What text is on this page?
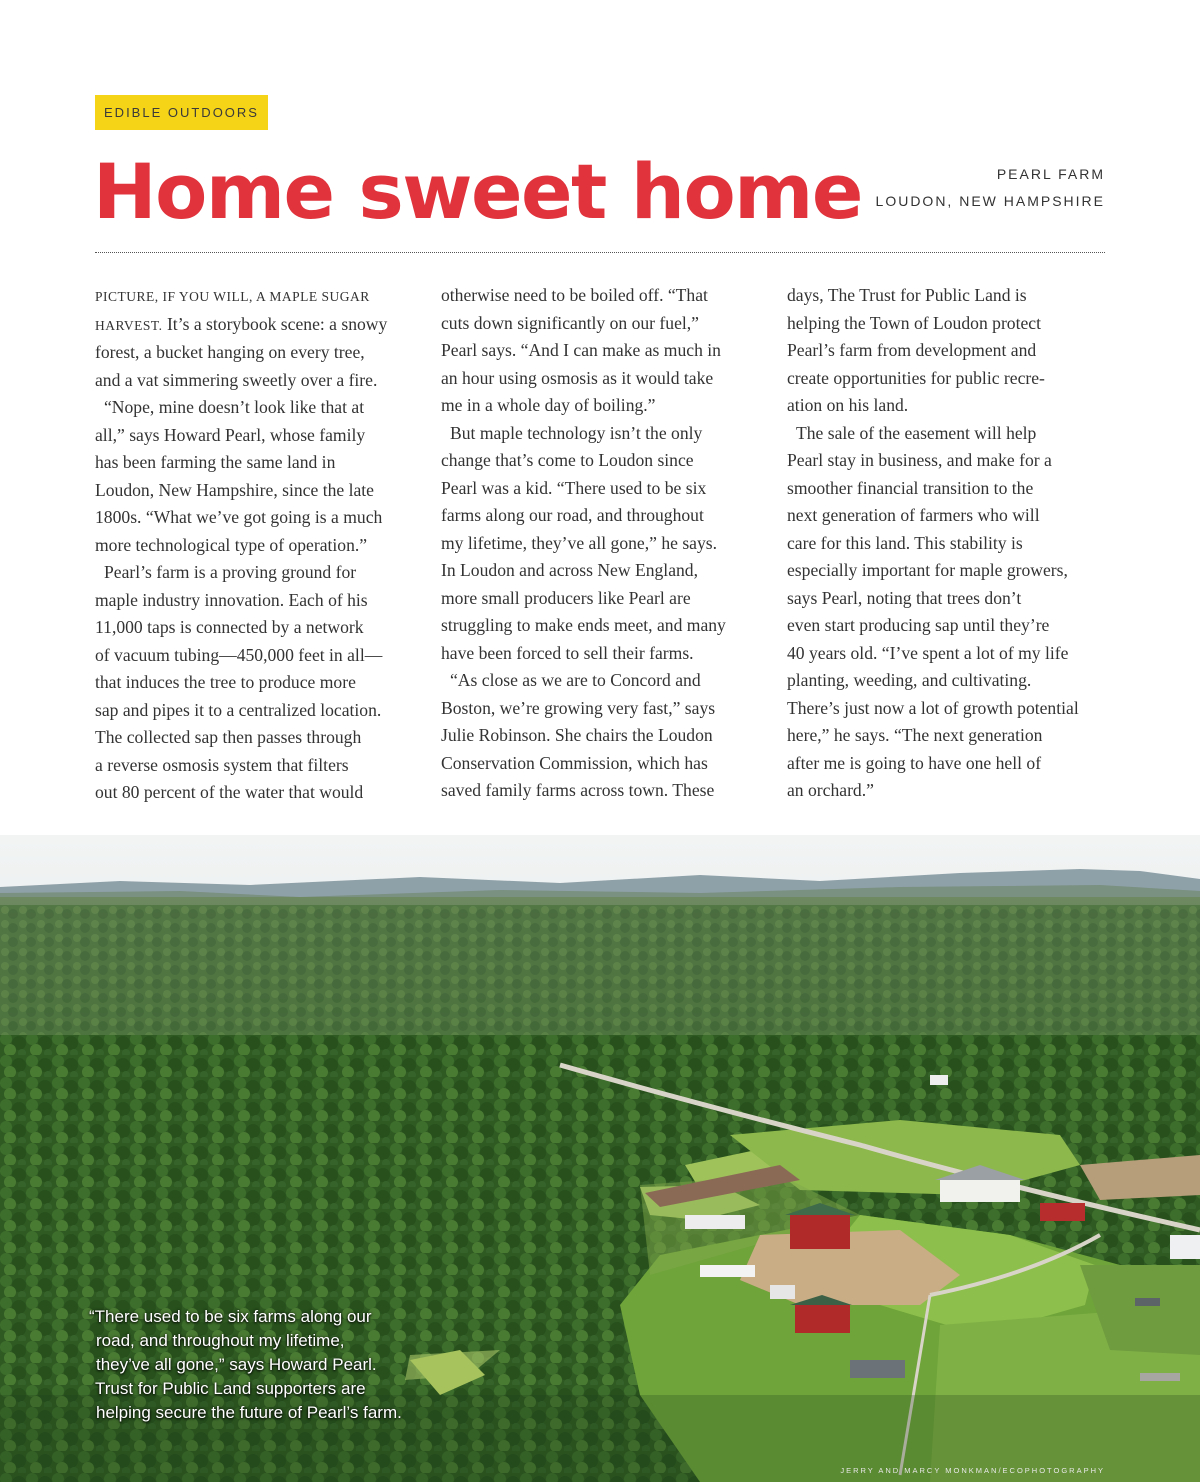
EDIBLE OUTDOORS
Home sweet home	PEARL FARM
LOUDON, NEW HAMPSHIRE

PICTURE, IF YOU WILL, A MAPLE SUGAR
HARVEST. It’s a storybook scene: a snowy
forest, a bucket hanging on every tree,
and a vat simmering sweetly over a fire.

“Nope, mine doesn’t look like that at
all,” says Howard Pearl, whose family
has been farming the same land in
Loudon, New Hampshire, since the late
1800s. “What we’ve got going is a much
more technological type of operation.”

Pearl’s farm is a proving ground for
maple industry innovation. Each of his
11,000 taps is connected by a network
of vacuum tubing—450,000 feet in all—
that induces the tree to produce more
sap and pipes it to a centralized location.
The collected sap then passes through
a reverse osmosis system that filters
out 80 percent of the water that would

otherwise need to be boiled off. “That
cuts down significantly on our fuel,”
Pearl says. “And I can make as much in
an hour using osmosis as it would take
me in a whole day of boiling.”

But maple technology isn’t the only
change that’s come to Loudon since
Pearl was a kid. “There used to be six
farms along our road, and throughout
my lifetime, they’ve all gone,” he says.
In Loudon and across New England,
more small producers like Pearl are
struggling to make ends meet, and many
have been forced to sell their farms.

“As close as we are to Concord and
Boston, we’re growing very fast,” says
Julie Robinson. She chairs the Loudon
Conservation Commission, which has
saved family farms across town. These

days, The Trust for Public Land is
helping the Town of Loudon protect
Pearl’s farm from development and
create opportunities for public recre-
ation on his land.

The sale of the easement will help
Pearl stay in business, and make for a
smoother financial transition to the
next generation of farmers who will
care for this land. This stability is
especially important for maple growers,
says Pearl, noting that trees don’t
even start producing sap until they’re
40 years old. “I’ve spent a lot of my life
planting, weeding, and cultivating.
There’s just now a lot of growth potential
here,” he says. “The next generation
after me is going to have one hell of
an orchard.”

“There used to be six farms along our
road, and throughout my lifetime,
they’ve all gone,” says Howard Pearl.
Trust for Public Land supporters are
helping secure the future of Pearl’s farm.
JERRY AND MARCY MONKMAN/ECOPHOTOGRAPHY
